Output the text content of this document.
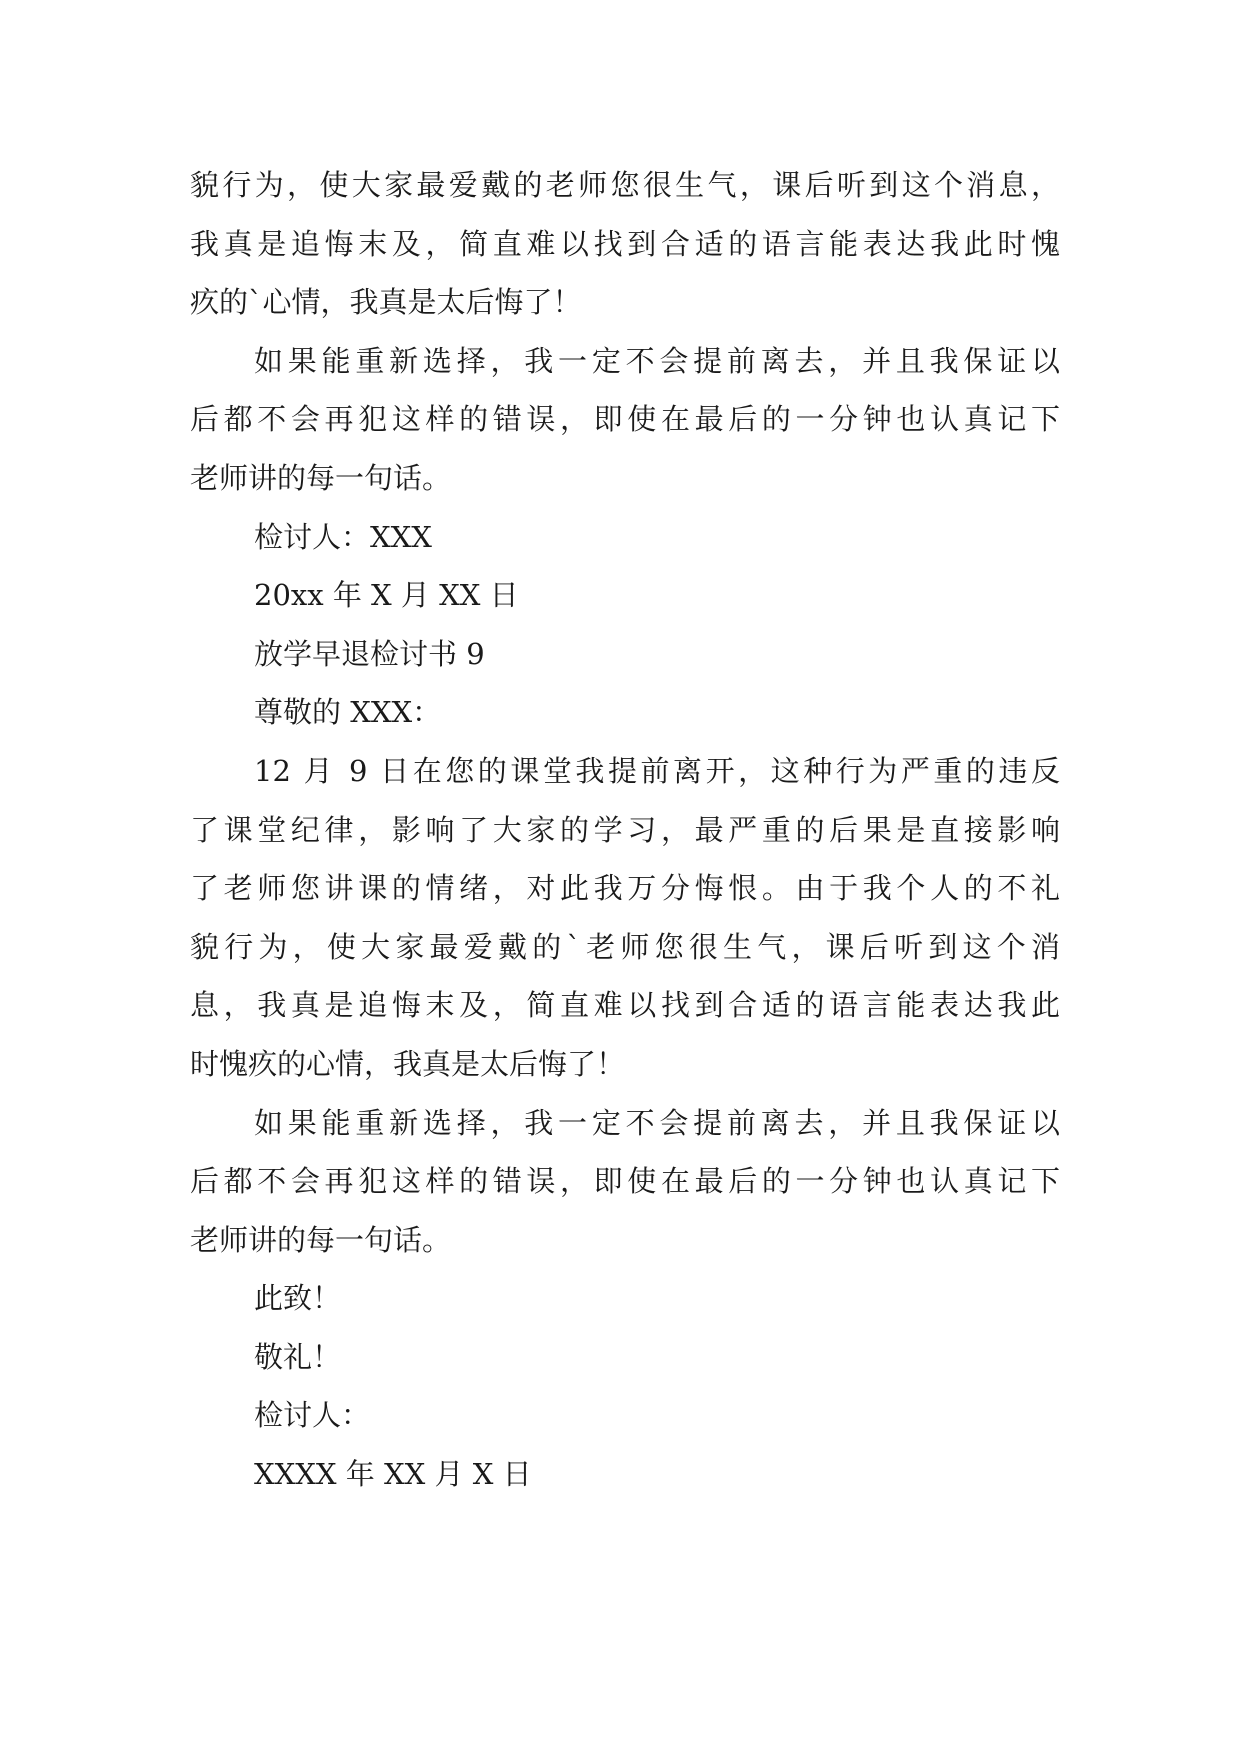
貌行为，使大家最爱戴的老师您很生气，课后听到这个消息，
我真是追悔末及，简直难以找到合适的语言能表达我此时愧
疚的`心情，我真是太后悔了！
如果能重新选择，我一定不会提前离去，并且我保证以
后都不会再犯这样的错误，即使在最后的一分钟也认真记下
老师讲的每一句话。
检讨人：XXX
20xx 年 X 月 XX 日
放学早退检讨书 9
尊敬的 XXX：
12 月 9 日在您的课堂我提前离开，这种行为严重的违反
了课堂纪律，影响了大家的学习，最严重的后果是直接影响
了老师您讲课的情绪，对此我万分悔恨。由于我个人的不礼
貌行为，使大家最爱戴的`老师您很生气，课后听到这个消
息，我真是追悔末及，简直难以找到合适的语言能表达我此
时愧疚的心情，我真是太后悔了！
如果能重新选择，我一定不会提前离去，并且我保证以
后都不会再犯这样的错误，即使在最后的一分钟也认真记下
老师讲的每一句话。
此致！
敬礼！
检讨人：
XXXX 年 XX 月 X 日
